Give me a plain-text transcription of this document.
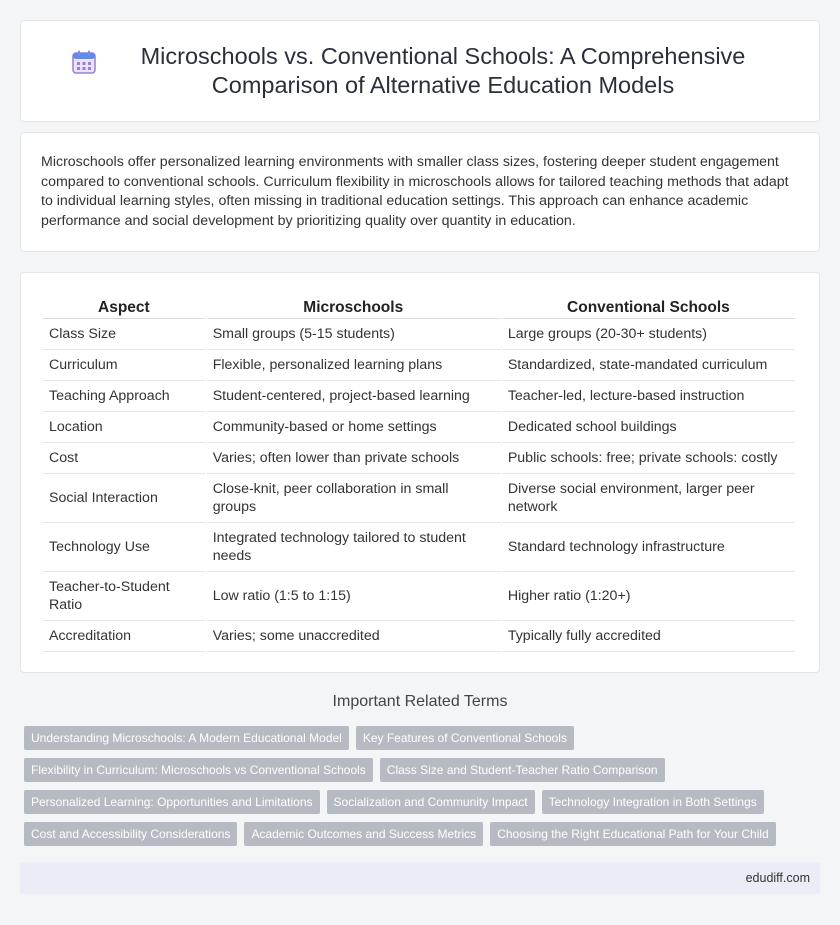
Microschools vs. Conventional Schools: A Comprehensive Comparison of Alternative Education Models

Microschools offer personalized learning environments with smaller class sizes, fostering deeper student engagement compared to conventional schools. Curriculum flexibility in microschools allows for tailored teaching methods that adapt to individual learning styles, often missing in traditional education settings. This approach can enhance academic performance and social development by prioritizing quality over quantity in education.

Aspect	Microschools	Conventional Schools
Class Size	Small groups (5-15 students)	Large groups (20-30+ students)
Curriculum	Flexible, personalized learning plans	Standardized, state-mandated curriculum
Teaching Approach	Student-centered, project-based learning	Teacher-led, lecture-based instruction
Location	Community-based or home settings	Dedicated school buildings
Cost	Varies; often lower than private schools	Public schools: free; private schools: costly
Social Interaction	Close-knit, peer collaboration in small groups	Diverse social environment, larger peer network
Technology Use	Integrated technology tailored to student needs	Standard technology infrastructure
Teacher-to-Student Ratio	Low ratio (1:5 to 1:15)	Higher ratio (1:20+)
Accreditation	Varies; some unaccredited	Typically fully accredited
Important Related Terms
Understanding Microschools: A Modern Educational Model	Key Features of Conventional Schools
Flexibility in Curriculum: Microschools vs Conventional Schools	Class Size and Student-Teacher Ratio Comparison
Personalized Learning: Opportunities and Limitations	Socialization and Community Impact	Technology Integration in Both Settings
Cost and Accessibility Considerations	Academic Outcomes and Success Metrics	Choosing the Right Educational Path for Your Child
edudiff.com
